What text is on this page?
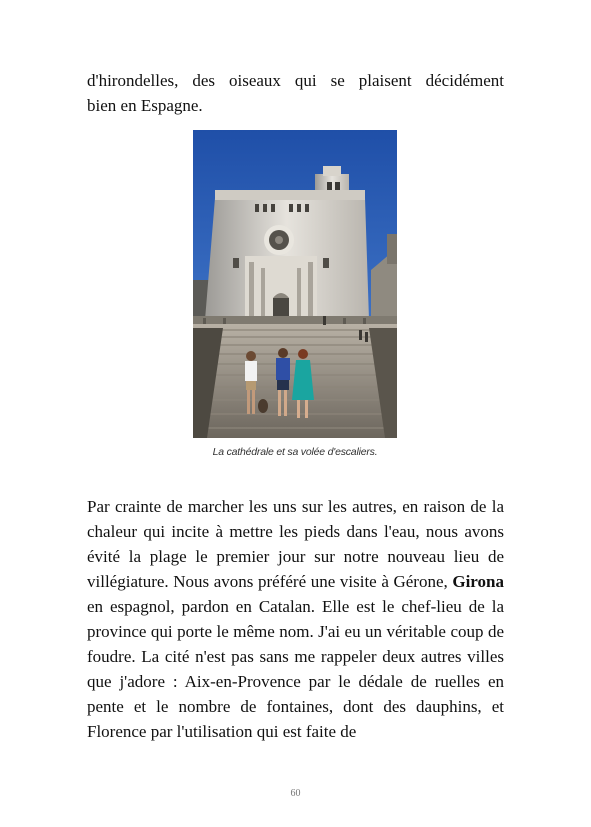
d'hirondelles, des oiseaux qui se plaisent décidément

bien en Espagne.

La cathédrale et sa volée d'escaliers.

Par crainte de marcher les uns sur les autres, en raison de la chaleur qui incite à mettre les pieds dans l'eau, nous avons évité la plage le premier jour sur notre nouveau lieu de villégiature. Nous avons préféré une visite à Gérone, Girona en espagnol, pardon en Catalan. Elle est le chef-lieu de la province qui porte le même nom. J'ai eu un véritable coup de foudre. La cité n'est pas sans me rappeler deux autres villes que j'adore : Aix-en-Provence par le dédale de ruelles en pente et le nombre de fontaines, dont des dauphins, et Florence par l'utilisation qui est faite de

60
